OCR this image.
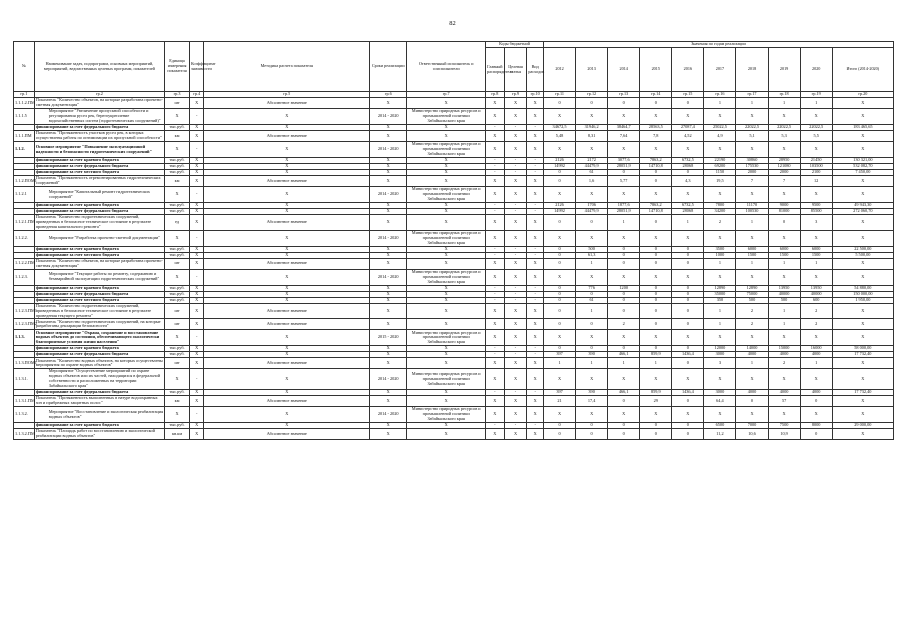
82
№	Наименование задач, подпрограмм, основных мероприятий, мероприятий, ведомственных целевых программ, показателей	Единица измерения показателя	Коэффициент значимости	Методика расчета показателя	Сроки реализации	Ответственный исполнитель и соисполнители	Коды бюджетной			Значения по годам реализации									
							Главный распорядитель	Целевая статья	Вид расходов	2012	2013	2014	2015	2016	2017	2018	2019	2020	Итого (2014-2020)

гр.1	гр.2	гр.3	гр.4	гр.5	гр.6	гр.7	гр.8	гр.9	гр.10	гр.11	гр.12	гр.13	гр.14	гр.15	гр.16	гр.17	гр.18	гр.19	гр.20
1.1.1.2.ПМ	Показатель "Количество объектов, на которые разработана проектно-сметная документация"	шт	X	Абсолютное значение	X	X	X	X	X	0	0	0	0	0	1	1	1	1	X
1.1.1.5	Мероприятие "Увеличение пропускной способности и регулирования русел рек, берегоукрепление водохозяйственных систем (гидротехнических сооружений)"	X	-	X	2014 - 2020	Министерство природных ресурсов и промышленной политики Забайкальского края	X	X	X	X	X	X	X	X	X	X	X	X	X
	финансирование за счет федерального бюджета	тыс.руб.	X	X	X	X	-	-	-	34672,5	31946,2	38464,7	28563,5	27087,4	25022,5	22022,5	22022,5	22022,5	183 465,65
1.1.1.ПМ	Показатель "Протяженность участков русел рек, в которых осуществлены работы по оптимизации их пропускной способности"	км	X	Абсолютное значение	X	X	X	X	X	5,48	8,31	7,64	7,8	4,52	4,9	5,1	5,3	5,5	X
1.1.2.	Основное мероприятие "Повышение эксплуатационной надежности и безопасности гидротехнических сооружений"	X	-	X	2014 - 2020	Министерство природных ресурсов и промышленной политики Забайкальского края	X	X	X	X	X	X	X	X	X	X	X	X	X
	финансирование за счет краевого бюджета	тыс.руб.	X	X	X	X	-	-	-	2126	2172	3077,6	7863,2	6732,5	22190	30860	28950	21450	130 321,00
	финансирование за счет федерального бюджета	тыс.руб.	X	X	X	X	-	-	-	14992	44479,9	28051,9	14710,8	28068	69200	175530	121080	103500	532 082,70
	финансирование за счет местного бюджета	тыс.руб.	X	X	X	X	-	-	-	0	61	0	0	0	1150	2000	2000	2100	7 450,00
1.1.2.ПОМ1	Показатель "Протяженность отремонтированных гидротехнических сооружений"	км	X	Абсолютное значение	X	X	X	X	X	0	1,6	5,77	0	4,3	19,5	7	7	12	X
1.1.2.1	Мероприятие "Капитальный ремонт гидротехнических сооружений"	X	-	X	2014 - 2020	Министерство природных ресурсов и промышленной политики Забайкальского края	X	X	X	X	X	X	X	X	X	X	X	X	X
	финансирование за счет краевого бюджета	тыс.руб.	X	X	X	X	-	-	-	2126	1706	1877,6	7863,2	6732,5	7800	11170	9000	9500	49 943,30
	финансирование за счет федерального бюджета	тыс.руб.	X	X	X	X	-	-	-	14992	44479,9	28051,9	14710,8	28068	34200	100530	81000	85500	272 060,70
1.1.2.1.ПМ	Показатель "Количество гидротехнических сооружений, приведенных в безопасное техническое состояние в результате проведения капитального ремонта"	ед	X	Абсолютное значение	X	X	X	X	X	0	0	1	0	1	2	1	0	3	X
1.1.2.2.	Мероприятие "Разработка проектно-сметной документации"	X	-	X	2014 - 2020	Министерство природных ресурсов и промышленной политики Забайкальского края	X	X	X	X	X	X	X	X	X	X	X	X	X
	финансирование за счет краевого бюджета	тыс.руб.	X	X	X	X	-	-	-	0	500	0	0	0	3500	6000	6000	6000	22 500,00
	финансирование за счет местного бюджета	тыс.руб.	X	X	X	X	-	-	-	0	61,3	0	0	0	1000	1500	1500	1500	5 500,00
1.1.2.2.ПМ	Показатель "Количество объектов, на которые разработана проектно-сметная документация"	шт	X	Абсолютное значение	X	X	X	X	X	0	1	0	0	0	1	1	1	1	X
1.1.2.3.	Мероприятие "Текущие работы по ремонту, содержанию и безаварийной эксплуатации гидротехнических сооружений"	X	-	X	2014 - 2020	Министерство природных ресурсов и промышленной политики Забайкальского края	X	X	X	X	X	X	X	X	X	X	X	X	X
	финансирование за счет краевого бюджета	тыс.руб.	X	X	X	X	-	-	-	0	776	1200	0	0	12890	12890	13950	13950	54 880,00
	финансирование за счет федерального бюджета	тыс.руб.	X	X	X	X	-	-	-	0	0	0	0	0	35000	75000	40000	40000	150 000,00
	финансирование за счет местного бюджета	тыс.руб.	X	X	X	X	-	-	-	0	61	0	0	0	350	500	500	600	1 950,00
1.1.2.3.ПМ1	Показатель "Количество гидротехнических сооружений, приведенных в безопасное техническое состояние в результате проведения текущего ремонта"	шт	X	Абсолютное значение	X	X	X	X	X	0	1	0	0	0	1	2	1	2	X
1.1.2.3.ПМ2	Показатель "Количество гидротехнических сооружений, на которые разработаны декларации безопасности"	шт	X	Абсолютное значение	X	X	X	X	X	0	0	2	0	0	1	2	1	2	X
1.1.3.	Основное мероприятие "Охрана, сохранение и восстановление водных объектов до состояния, обеспечивающего экологически благоприятные условия жизни населения"	X	-	X	2015 - 2020	Министерство природных ресурсов и промышленной политики Забайкальского края	X	X	X	X	X	X	X	X	X	X	X	X	X
	финансирование за счет краевого бюджета	тыс.руб.	X	X	X	X	-	-	-	0	0	0	0	0	12000	14000	15000	16000	58 000,00
	финансирование за счет федерального бюджета	тыс.руб.	X	X	X	X	-	-	-	397	390	466,1	859,9	1436,4	3000	4000	4000	4000	17 732,40
1.1.3.ПОМ1	Показатель "Количество водных объектов, на которых осуществлены мероприятия по охране водных объектов"	шт	X	Абсолютное значение	X	X	X	X	X	1	1	1	1	0	3	1	2	1	X
1.1.3.1.	Мероприятие "Осуществление мероприятий по охране водных объектов или их частей, находящихся в федеральной собственности и расположенных на территории Забайкальского края"	X	-	X	2014 - 2020	Министерство природных ресурсов и промышленной политики Забайкальского края	X	X	X	X	X	X	X	X	X	X	X	X	X
	финансирование за счет федерального бюджета	тыс.руб.	X	X	X	X	-	-	-	397	390	466,1	859,9	1436,4	3000	4000	4000	4000	17 732,40
1.1.3.1.ПМ	Показатель "Протяженность выполненных в натуре водоохранных зон и прибрежных защитных полос"	км	X	Абсолютное значение	X	X	X	X	X	21	17,4	0	29	0	64,4	0	57	0	X
1.1.3.2.	Мероприятие "Восстановление и экологическая реабилитация водных объектов"	X	-	X	2014 - 2020	Министерство природных ресурсов и промышленной политики Забайкальского края	X	X	X	X	X	X	X	X	X	X	X	X	X
	финансирование за счет краевого бюджета	тыс.руб.	X	X	X	X	-	-	-	0	0	0	0	0	6500	7000	7500	8000	29 000,00
1.1.3.2.ПМ	Показатель "Площадь работ по восстановлению и экологической реабилитации водных объектов"	кв.км	X	Абсолютное значение	X	X	X	X	X	0	0	0	0	0	11,2	10,6	10,9	0	X
